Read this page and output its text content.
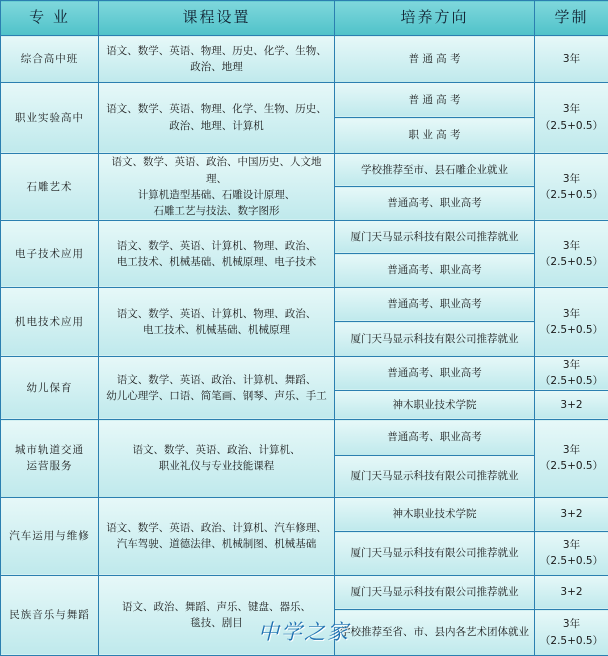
专 业	课程设置	培养方向	学制
综合高中班	语文、数学、英语、物理、历史、化学、生物、
政治、地理	普 通 高 考	3年

职业实验高中	语文、数学、英语、物理、化学、生物、历史、
政治、地理、计算机	普 通 高 考	3年
（2.5+0.5）

		职 业 高 考	
石雕艺术	语文、数学、英语、政治、中国历史、人文地理、
计算机造型基础、石雕设计原理、
石雕工艺与技法、数字图形	学校推荐至市、县石雕企业就业	3年
（2.5+0.5）

		普通高考、职业高考	
电子技术应用	语文、数学、英语、计算机、物理、政治、
电工技术、机械基础、机械原理、电子技术	厦门天马显示科技有限公司推荐就业	3年
（2.5+0.5）

		普通高考、职业高考	
机电技术应用	语文、数学、英语、计算机、物理、政治、
电工技术、机械基础、机械原理	普通高考、职业高考	3年
（2.5+0.5）

		厦门天马显示科技有限公司推荐就业	
幼儿保育	语文、数学、英语、政治、计算机、舞蹈、
幼儿心理学、口语、简笔画、钢琴、声乐、手工	普通高考、职业高考	3年
（2.5+0.5）

		神木职业技术学院	3+2

城市轨道交通
运营服务	语文、数学、英语、政治、计算机、
职业礼仪与专业技能课程	普通高考、职业高考	3年
（2.5+0.5）

		厦门天马显示科技有限公司推荐就业	
汽车运用与维修	语文、数学、英语、政治、计算机、汽车修理、
汽车驾驶、道德法律、机械制图、机械基础	神木职业技术学院	3+2

		厦门天马显示科技有限公司推荐就业	3年
（2.5+0.5）

民族音乐与舞蹈	语文、政治、舞蹈、声乐、键盘、器乐、
毯技、剧目	厦门天马显示科技有限公司推荐就业	3+2

		学校推荐至省、市、县内各艺术团体就业	3年
（2.5+0.5）
中学之家
